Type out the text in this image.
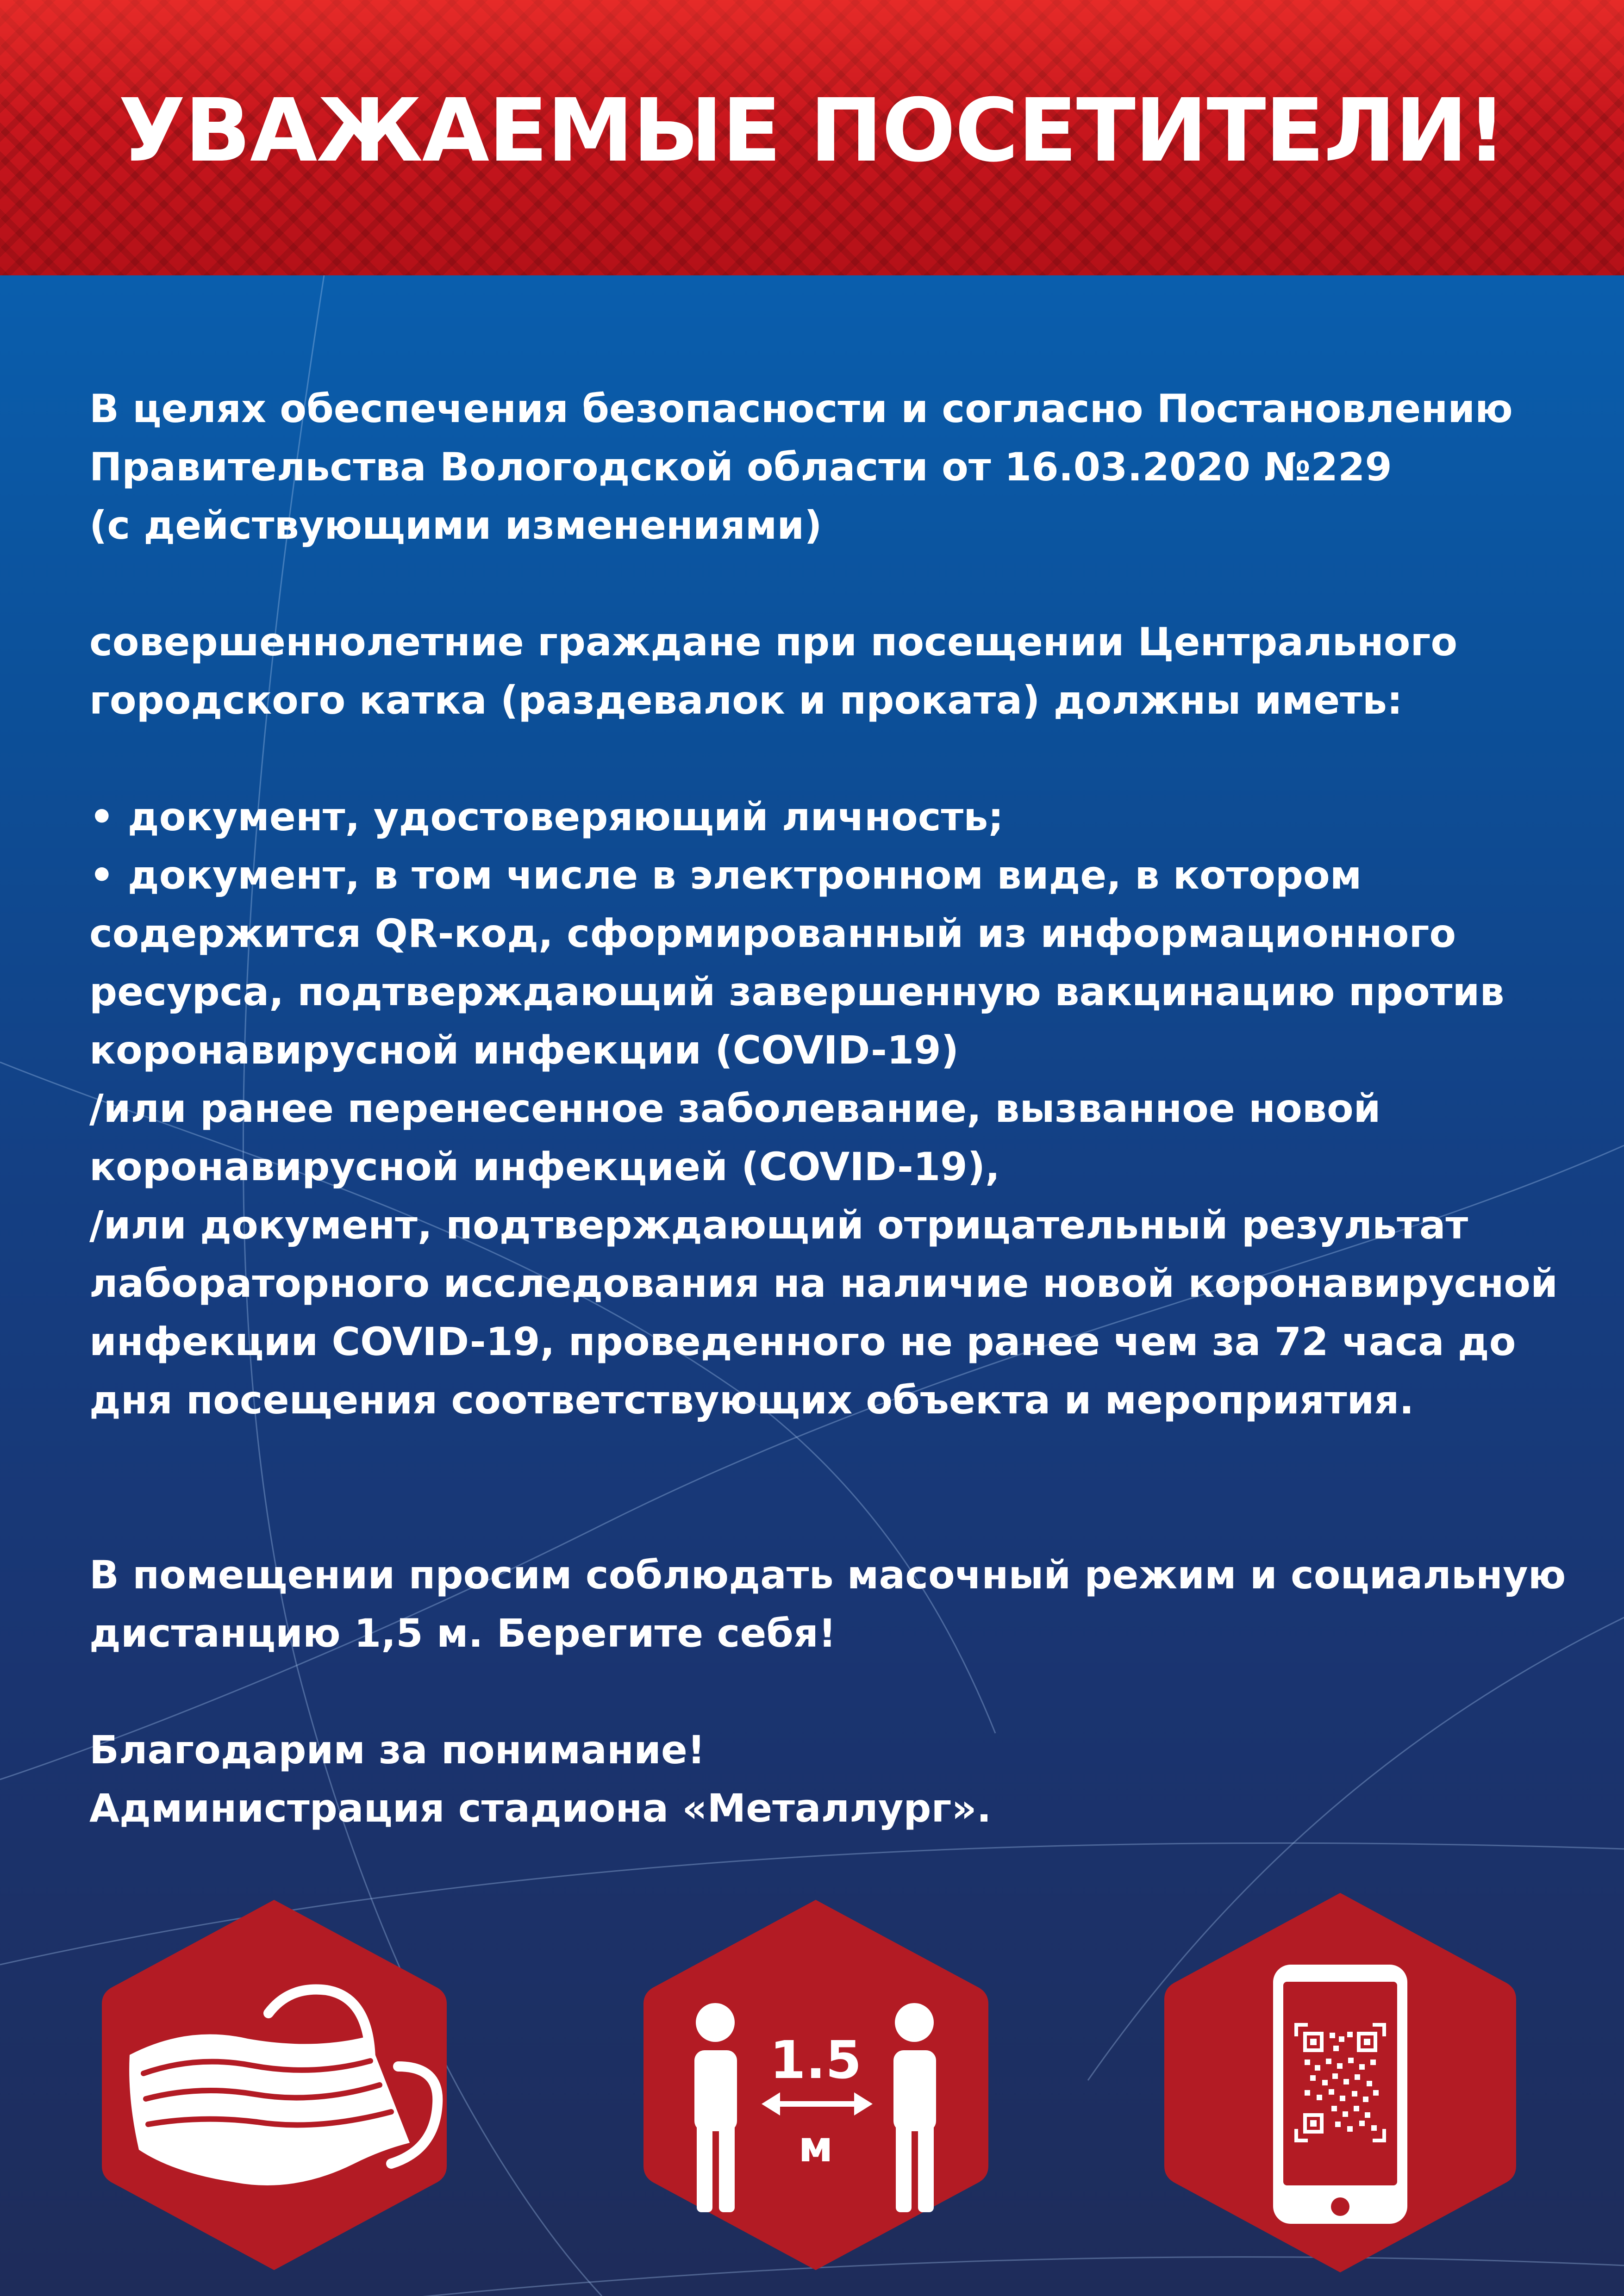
УВАЖАЕМЫЕ ПОСЕТИТЕЛИ!

В целях обеспечения безопасности и согласно Постановлению
Правительства Вологодской области от 16.03.2020 №229
(с действующими изменениями)

совершеннолетние граждане при посещении Центрального
городского катка (раздевалок и проката) должны иметь:

• документ, удостоверяющий личность;
• документ, в том числе в электронном виде, в котором
содержится QR-код, сформированный из информационного
ресурса, подтверждающий завершенную вакцинацию против
коронавирусной инфекции (COVID-19)
/или ранее перенесенное заболевание, вызванное новой
коронавирусной инфекцией (COVID-19),
/или документ, подтверждающий отрицательный результат
лабораторного исследования на наличие новой коронавирусной
инфекции COVID-19, проведенного не ранее чем за 72 часа до
дня посещения соответствующих объекта и мероприятия.

В помещении просим соблюдать масочный режим и социальную
дистанцию 1,5 м. Берегите себя!

Благодарим за понимание!
Администрация стадиона «Металлург».

1.5
м
